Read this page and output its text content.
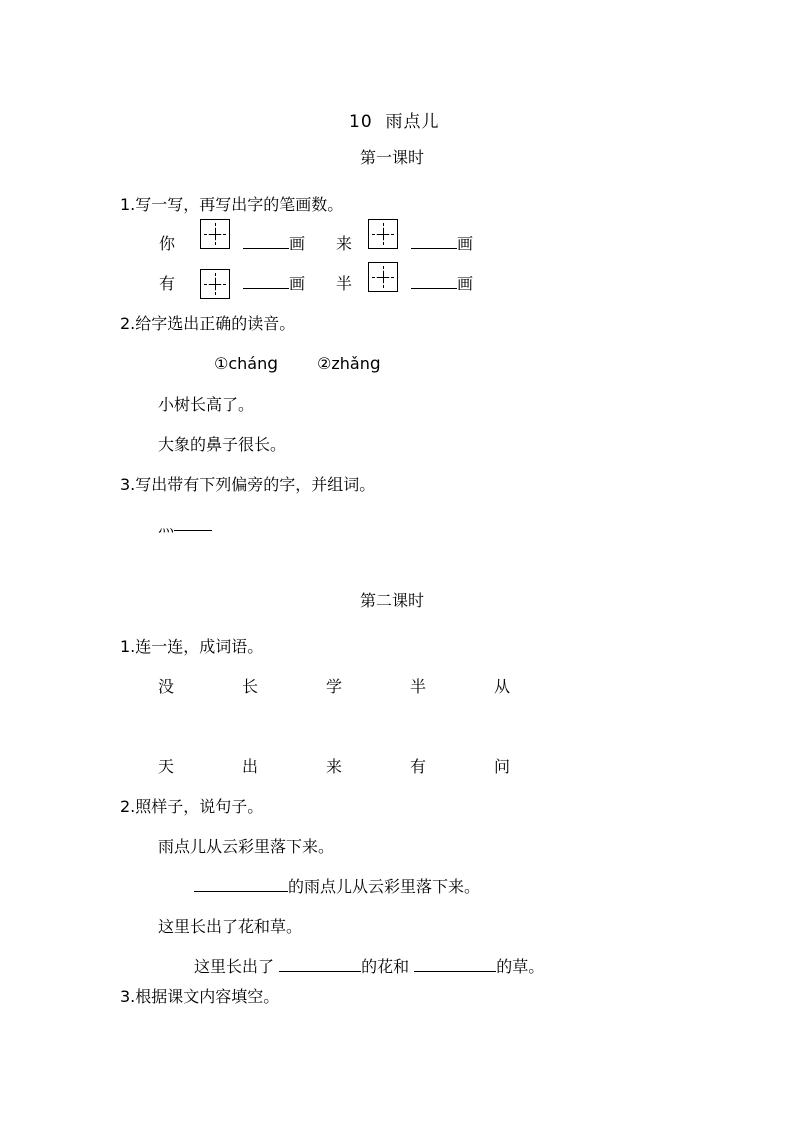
10 雨点儿
第一课时
1.写一写，再写出字的笔画数。
你	画 来	画
有	画 半	画
2.给字选出正确的读音。
①cháng ②zhǎng
小树长高了。
大象的鼻子很长。
3.写出带有下列偏旁的字，并组词。
灬
第二课时
1.连一连，成词语。
没	长	学	半	从
天	出	来	有	问
2.照样子，说句子。
雨点儿从云彩里落下来。
的雨点儿从云彩里落下来。
这里长出了花和草。
这里长出了	的花和	的草。
3.根据课文内容填空。
